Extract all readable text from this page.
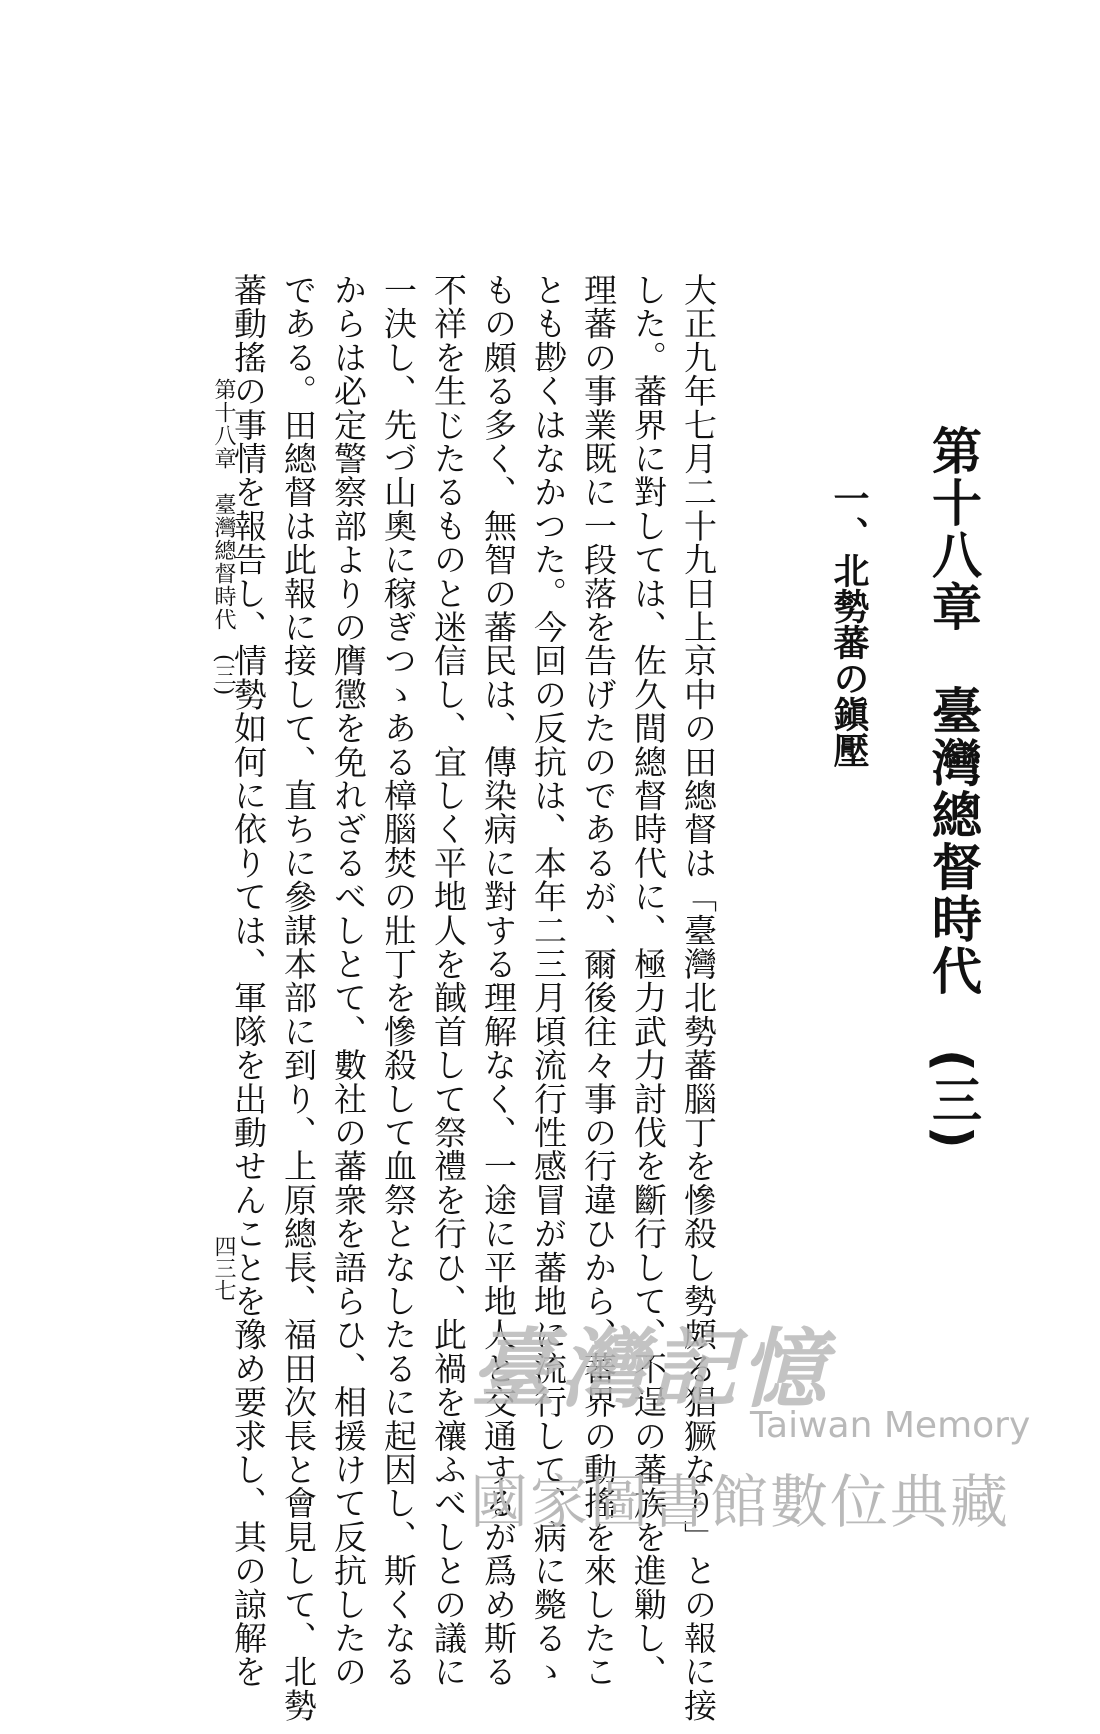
第十八章　臺灣總督時代　(三)
一、北勢蕃の鎭壓
大正九年七月二十九日上京中の田總督は「臺灣北勢蕃腦丁を慘殺し勢頗る猖獗なり」との報に接
した。蕃界に對しては、佐久間總督時代に、極力武力討伐を斷行して、不逞の蕃族を進勦し、
理蕃の事業既に一段落を告げたのであるが、爾後往々事の行違ひから、蕃界の動搖を來したこ
とも尠くはなかつた。今回の反抗は、本年二三月頃流行性感冒が蕃地に流行して、病に斃るゝ
もの頗る多く、無智の蕃民は、傳染病に對する理解なく、一途に平地人と交通するが爲め斯る
不祥を生じたるものと迷信し、宜しく平地人を馘首して祭禮を行ひ、此禍を禳ふべしとの議に
一決し、先づ山奧に稼ぎつゝある樟腦焚の壯丁を慘殺して血祭となしたるに起因し、斯くなる
からは必定警察部よりの膺懲を免れざるべしとて、數社の蕃衆を語らひ、相援けて反抗したの
である。田總督は此報に接して、直ちに參謀本部に到り、上原總長、福田次長と會見して、北勢
蕃動搖の事情を報告し、情勢如何に依りては、軍隊を出動せんことを豫め要求し、其の諒解を
第十八章　臺灣總督時代　(三)
四三七
臺灣記憶
Taiwan Memory
國家圖書館數位典藏
